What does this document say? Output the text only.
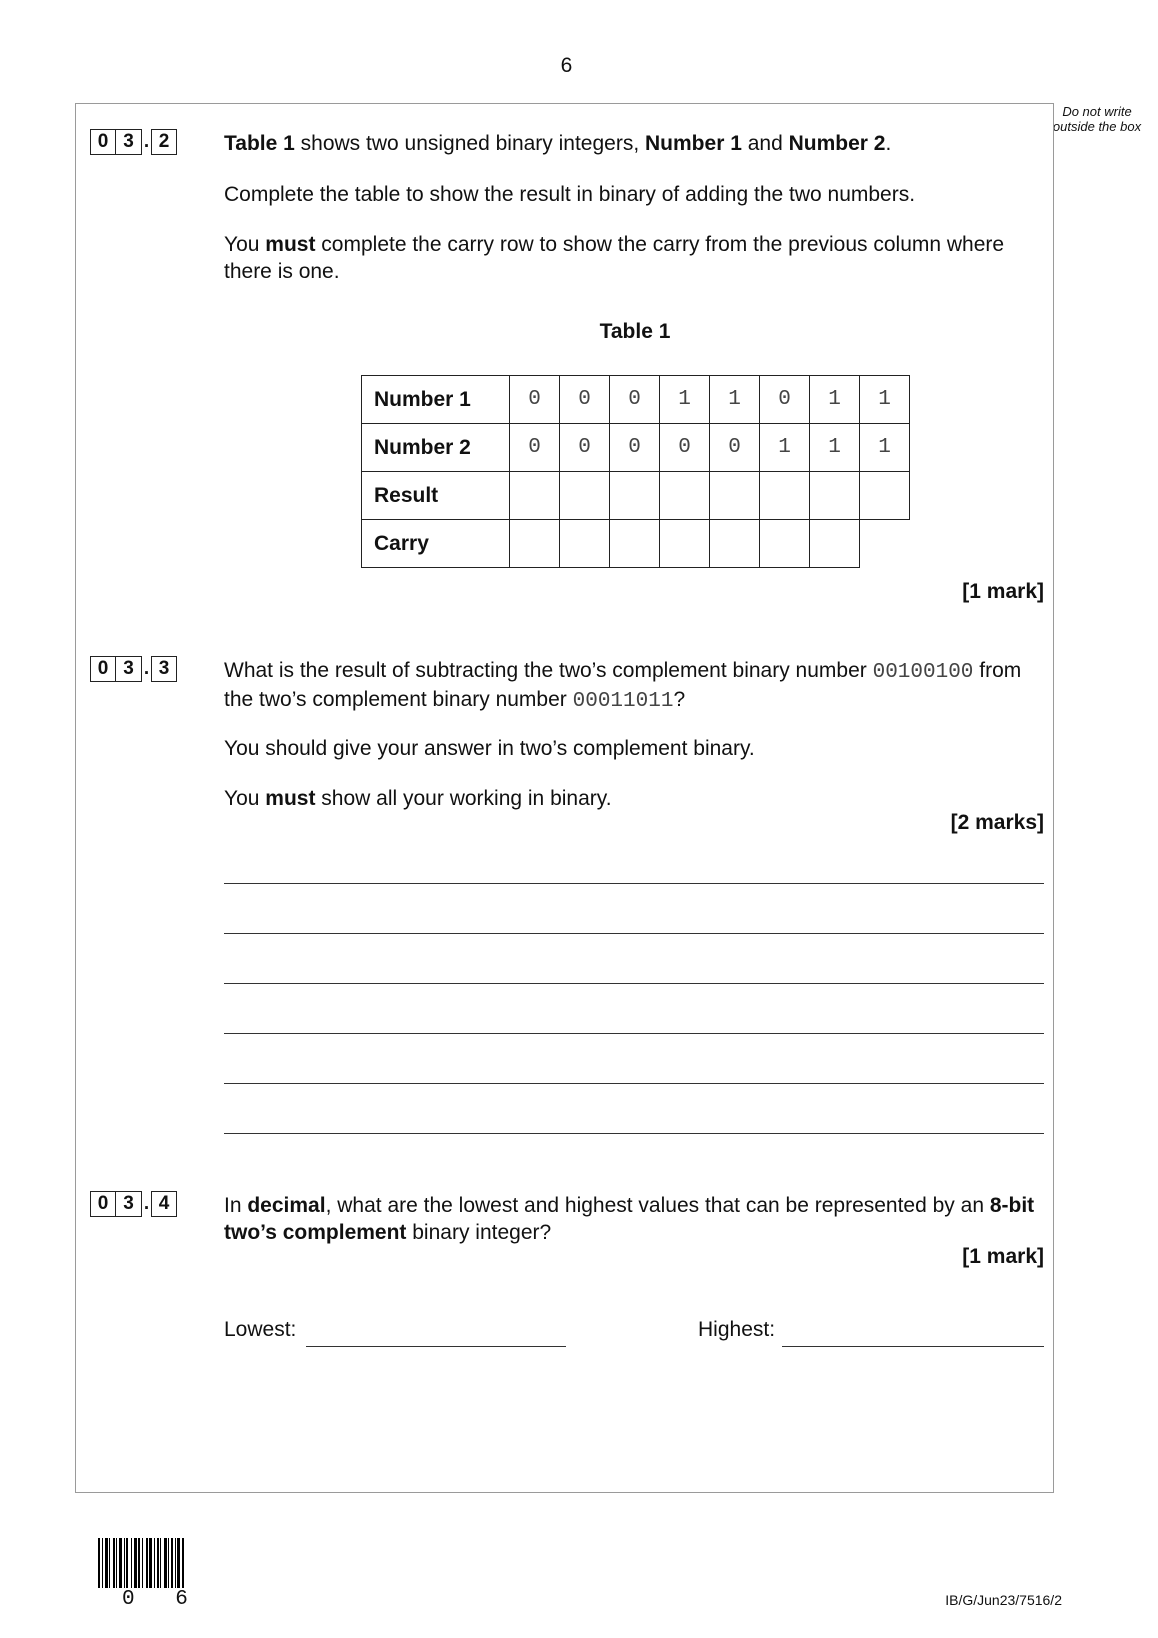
6
Do not write outside the box
0 3 . 2	Table 1 shows two unsigned binary integers, Number 1 and Number 2.
Complete the table to show the result in binary of adding the two numbers.
You must complete the carry row to show the carry from the previous column where there is one.
Table 1
Number 1	0	0	0	1	1	0	1	1
Number 2	0	0	0	0	0	1	1	1
Result								
Carry								
[1 mark]
0 3 . 3	What is the result of subtracting the two’s complement binary number 00100100 from the two’s complement binary number 00011011?
You should give your answer in two’s complement binary.
You must show all your working in binary.
[2 marks]
0 3 . 4	In decimal, what are the lowest and highest values that can be represented by an 8-bit two’s complement binary integer?
[1 mark]
Lowest:	Highest:
0 6	IB/G/Jun23/7516/2
